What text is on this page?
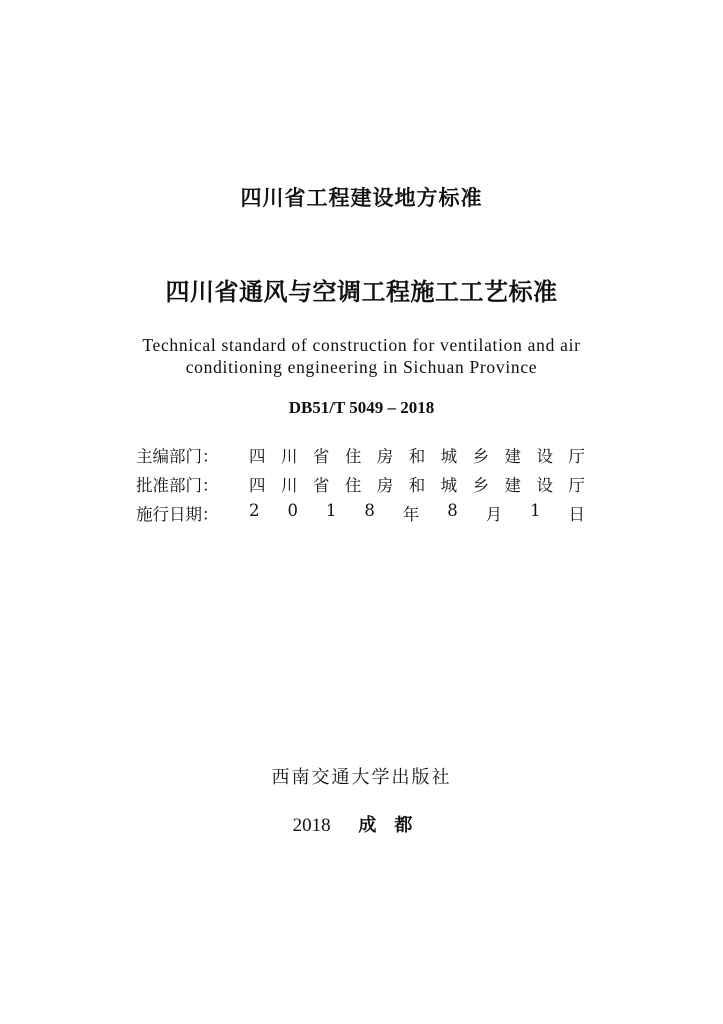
四川省工程建设地方标准
四川省通风与空调工程施工工艺标准
Technical standard of construction for ventilation and air
conditioning engineering in Sichuan Province
DB51/T 5049 – 2018
主编部门：	四 川 省 住 房 和 城 乡 建 设 厅
批准部门：	四 川 省 住 房 和 城 乡 建 设 厅
施行日期：	2 0 1 8 年 8 月 1 日
西南交通大学出版社
2018 成都
